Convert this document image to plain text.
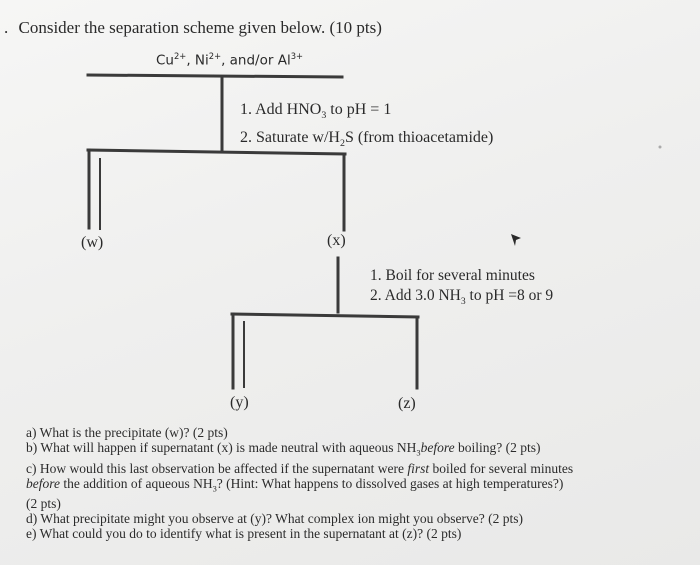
. Consider the separation scheme given below. (10 pts)
$Cu^{2+}$, $Ni^{2+}$, and/or $Al^{3+}$
1. Add $HNO_3$ to pH = 1
2. Saturate $w/H_2S$ (from thioacetamide)
(w)	(x)
(y)	(z)
1. Boil for several minutes
2. Add 3.0 $NH_3$ to pH =8 or 9
a) What is the precipitate (w)? (2 pts)
b) What will happen if supernatant (x) is made neutral with aqueous $NH_3before$ boiling? (2 pts)
c) How would this last observation be affected if the supernatant were first boiled for several minutes
before the addition of aqueous $NH_3$? (Hint: What happens to dissolved gases at high temperatures?)
(2 pts)
d) What precipitate might you observe at (y)? What complex ion might you observe? (2 pts)
e) What could you do to identify what is present in the supernatant at (z)? (2 pts)
